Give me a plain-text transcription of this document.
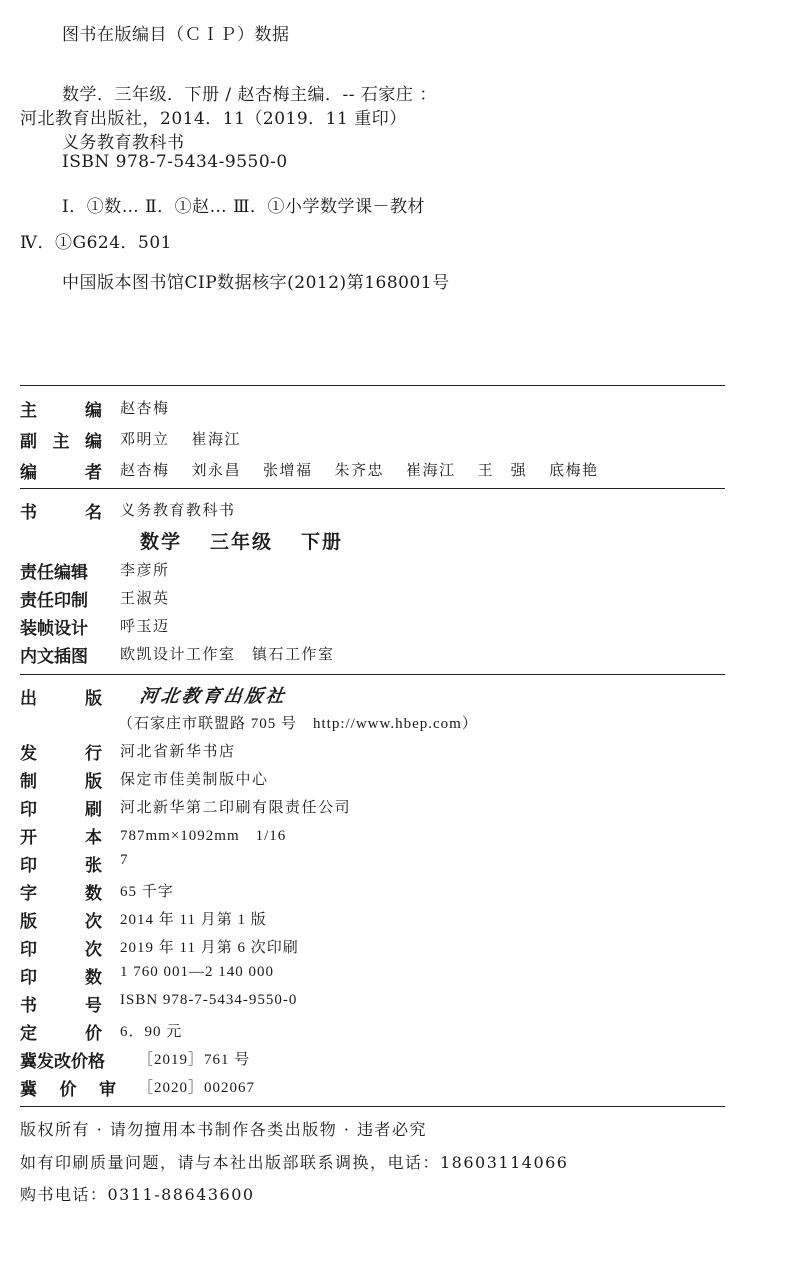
图书在版编目（ＣＩＰ）数据
数学．三年级．下册 / 赵杏梅主编．-- 石家庄 ：
河北教育出版社，2014．11（2019．11 重印）
义务教育教科书
ISBN 978-7-5434-9550-0
Ⅰ．①数… Ⅱ．①赵… Ⅲ．①小学数学课－教材
Ⅳ．①G624．501
中国版本图书馆CIP数据核字(2012)第168001号
主　编 赵杏梅
副主编 邓明立 崔海江
编　者 赵杏梅 刘永昌 张增福 朱齐忠 崔海江 王　强 底梅艳
书　名 义务教育教科书
数学 三年级 下册
责任编辑	李彦所
责任印制	王淑英
装帧设计	呼玉迈
内文插图	欧凯设计工作室　镇石工作室
出　版 河北教育出版社
（石家庄市联盟路 705 号　http://www.hbep.com）
发　行 河北省新华书店
制　版 保定市佳美制版中心
印　刷 河北新华第二印刷有限责任公司
开　本 787mm×1092mm　1/16
印　张 7
字　数 65 千字
版　次 2014 年 11 月第 1 版
印　次 2019 年 11 月第 6 次印刷
印　数 1 760 001—2 140 000
书　号 ISBN 978-7-5434-9550-0
定　价 6．90 元
冀发改价格	［2019］761 号
冀价审 ［2020］002067
版权所有 · 请勿擅用本书制作各类出版物 · 违者必究
如有印刷质量问题，请与本社出版部联系调换，电话：18603114066
购书电话：0311-88643600
